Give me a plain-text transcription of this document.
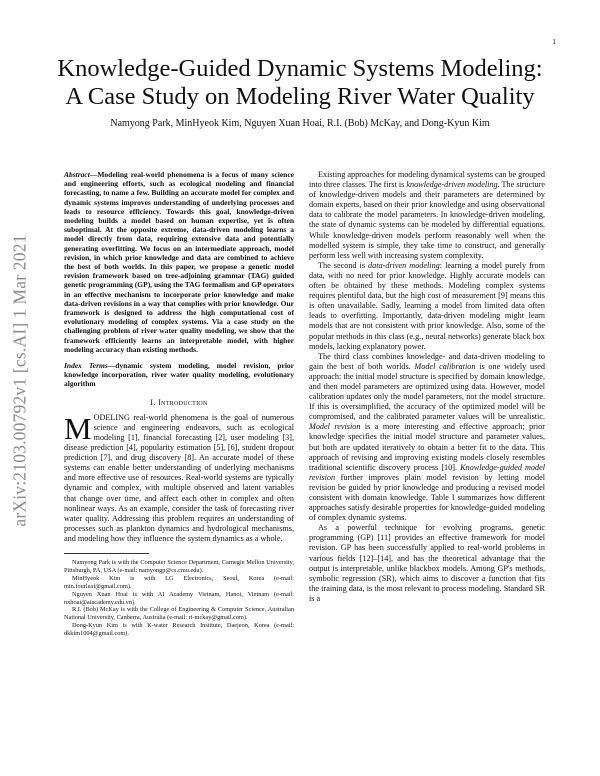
1
arXiv:2103.00792v1 [cs.AI] 1 Mar 2021
Knowledge-Guided Dynamic Systems Modeling:
A Case Study on Modeling River Water Quality
Namyong Park, MinHyeok Kim, Nguyen Xuan Hoai, R.I. (Bob) McKay, and Dong-Kyun Kim

Abstract—Modeling real-world phenomena is a focus of many science and engineering efforts, such as ecological modeling and financial forecasting, to name a few. Building an accurate model for complex and dynamic systems improves understanding of underlying processes and leads to resource efficiency. Towards this goal, knowledge-driven modeling builds a model based on human expertise, yet is often suboptimal. At the opposite extreme, data-driven modeling learns a model directly from data, requiring extensive data and potentially generating overfitting. We focus on an intermediate approach, model revision, in which prior knowledge and data are combined to achieve the best of both worlds. In this paper, we propose a genetic model revision framework based on tree-adjoining grammar (TAG) guided genetic programming (GP), using the TAG formalism and GP operators in an effective mechanism to incorporate prior knowledge and make data-driven revisions in a way that complies with prior knowledge. Our framework is designed to address the high computational cost of evolutionary modeling of complex systems. Via a case study on the challenging problem of river water quality modeling, we show that the framework efficiently learns an interpretable model, with higher modeling accuracy than existing methods.

Index Terms—dynamic system modeling, model revision, prior knowledge incorporation, river water quality modeling, evolutionary algorithm

I. Introduction

MODELING real-world phenomena is the goal of numerous science and engineering endeavors, such as ecological modeling [1], financial forecasting [2], user modeling [3], disease prediction [4], popularity estimation [5], [6], student dropout prediction [7], and drug discovery [8]. An accurate model of these systems can enable better understanding of underlying mechanisms and more effective use of resources. Real-world systems are typically dynamic and complex, with multiple observed and latent variables that change over time, and affect each other in complex and often nonlinear ways. As an example, consider the task of forecasting river water quality. Addressing this problem requires an understanding of processes such as plankton dynamics and hydrological mechanisms, and modeling how they influence the system dynamics as a whole.

Namyong Park is with the Computer Science Department, Carnegie Mellon University, Pittsburgh, PA, USA (e-mail: namyongp@cs.cmu.edu).

MinHyeok Kim is with LG Electronics, Seoul, Korea (e-mail: min.fourleaf@gmail.com).

Nguyen Xuan Hoai is with AI Academy Vietnam, Hanoi, Vietnam (e-mail: nxhoai@aiacademy.edu.vn).

R.I. (Bob) McKay is with the College of Engineering & Computer Science, Australian National University, Canberra, Australia (e-mail: ri-mckay@gmail.com).

Dong-Kyun Kim is with K-water Research Institute, Daejeon, Korea (e-mail: dkkim1004@gmail.com).

Existing approaches for modeling dynamical systems can be grouped into three classes. The first is knowledge-driven modeling. The structure of knowledge-driven models and their parameters are determined by domain experts, based on their prior knowledge and using observational data to calibrate the model parameters. In knowledge-driven modeling, the state of dynamic systems can be modeled by differential equations. While knowledge-driven models perform reasonably well when the modelled system is simple, they take time to construct, and generally perform less well with increasing system complexity.

The second is data-driven modeling: learning a model purely from data, with no need for prior knowledge. Highly accurate models can often be obtained by these methods. Modeling complex systems requires plentiful data, but the high cost of measurement [9] means this is often unavailable. Sadly, learning a model from limited data often leads to overfitting. Importantly, data-driven modeling might learn models that are not consistent with prior knowledge. Also, some of the popular methods in this class (e.g., neural networks) generate black box models, lacking explanatory power.

The third class combines knowledge- and data-driven modeling to gain the best of both worlds. Model calibration is one widely used approach: the initial model structure is specified by domain knowledge, and then model parameters are optimized using data. However, model calibration updates only the model parameters, not the model structure. If this is oversimplified, the accuracy of the optimized model will be compromised, and the calibrated parameter values will be unrealistic. Model revision is a more interesting and effective approach; prior knowledge specifies the initial model structure and parameter values, but both are updated iteratively to obtain a better fit to the data. This approach of revising and improving existing models closely resembles traditional scientific discovery process [10]. Knowledge-guided model revision further improves plain model revision by letting model revision be guided by prior knowledge and producing a revised model consistent with domain knowledge. Table I summarizes how different approaches satisfy desirable properties for knowledge-guided modeling of complex dynamic systems.

As a powerful technique for evolving programs, genetic programming (GP) [11] provides an effective framework for model revision. GP has been successfully applied to real-world problems in various fields [12]–[14], and has the theoretical advantage that the output is interpretable, unlike blackbox models. Among GP's methods, symbolic regression (SR), which aims to discover a function that fits the training data, is the most relevant to process modeling. Standard SR is a
